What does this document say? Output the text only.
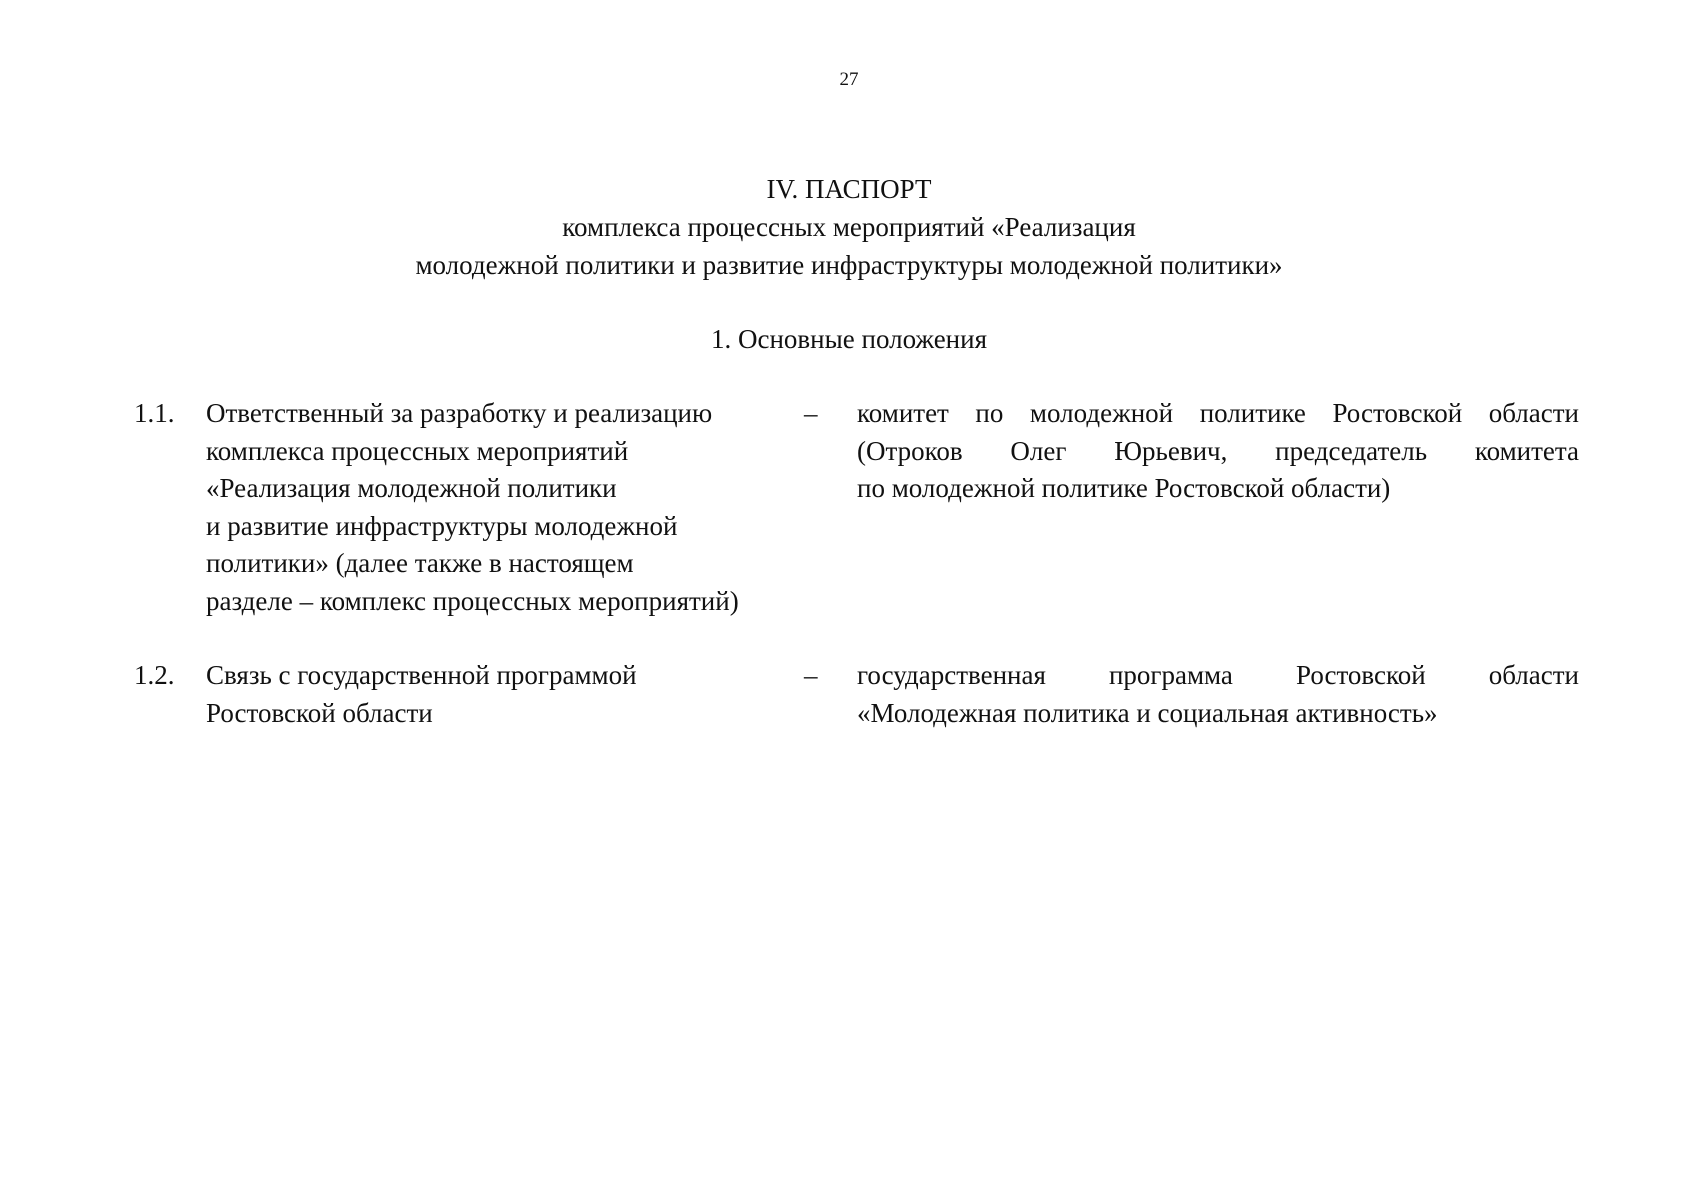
27
IV. ПАСПОРТ
комплекса процессных мероприятий «Реализация
молодежной политики и развитие инфраструктуры молодежной политики»
1. Основные положения
1.1. Ответственный за разработку и реализацию
комплекса процессных мероприятий
«Реализация молодежной политики
и развитие инфраструктуры молодежной
политики» (далее также в настоящем
разделе – комплекс процессных мероприятий)
– комитет по молодежной политике Ростовской области
(Отроков Олег Юрьевич, председатель комитета
по молодежной политике Ростовской области)
1.2. Связь с государственной программой
Ростовской области
– государственная программа Ростовской области
«Молодежная политика и социальная активность»
